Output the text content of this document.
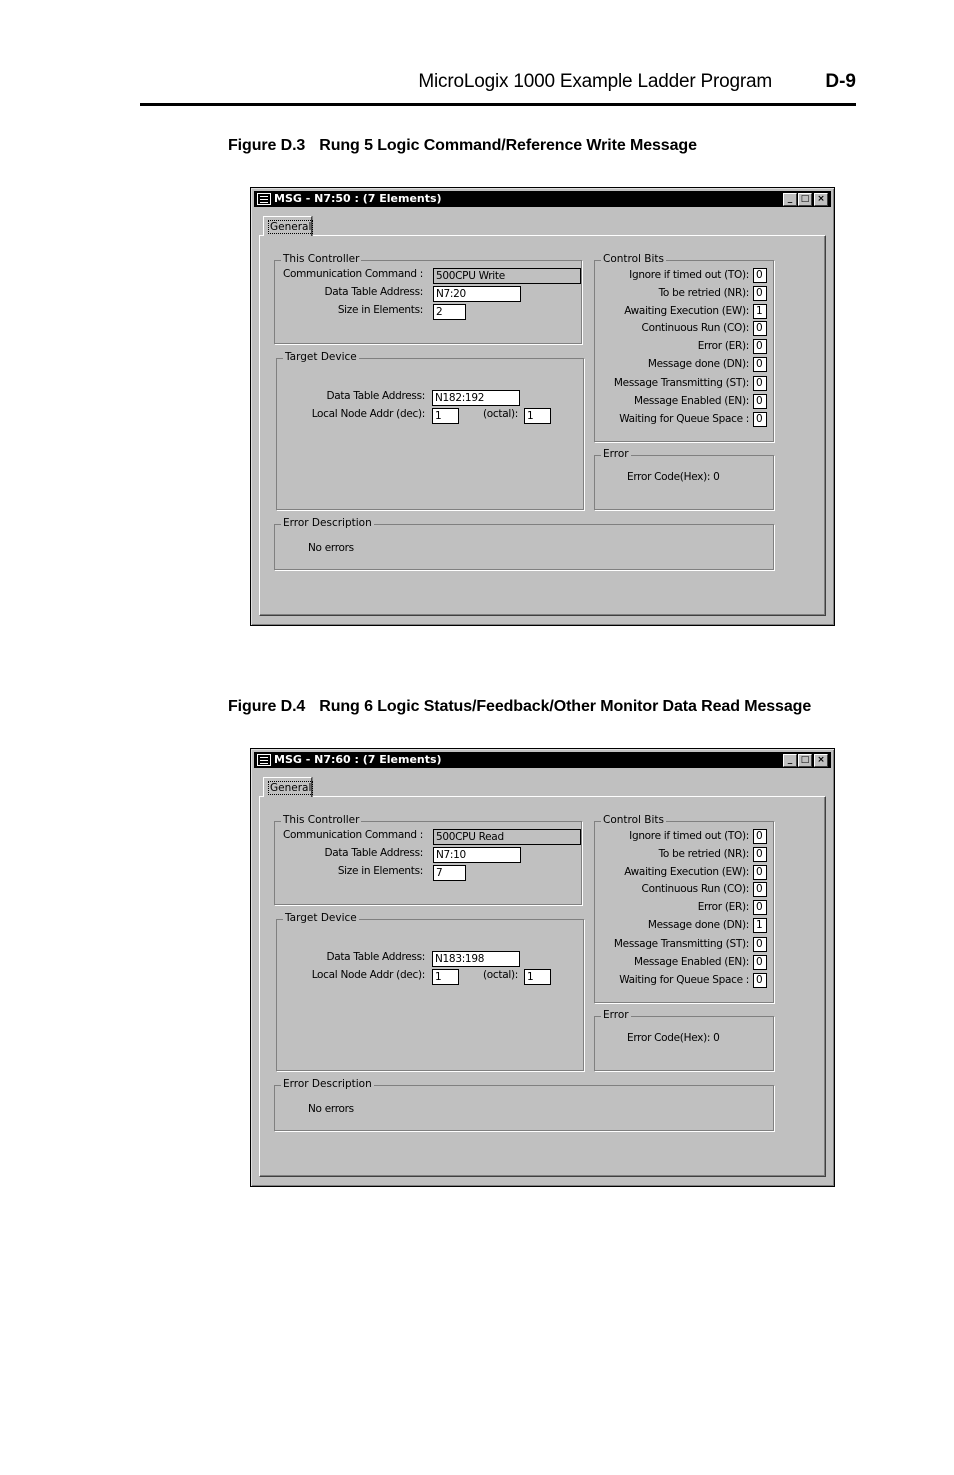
MicroLogix 1000 Example Ladder Program	D-9
Figure D.3 Rung 5 Logic Command/Reference Write Message
MSG - N7:50 : (7 Elements)	_ □ ×
General
This Controller
Communication Command : 500CPU Write
Data Table Address: N7:20
Size in Elements: 2
Target Device
Data Table Address: N182:192
Local Node Addr (dec): 1	(octal): 1
Control Bits
Ignore if timed out (TO): 0
To be retried (NR): 0
Awaiting Execution (EW): 1
Continuous Run (CO): 0
Error (ER): 0
Message done (DN): 0
Message Transmitting (ST): 0
Message Enabled (EN): 0
Waiting for Queue Space : 0
Error
Error Code(Hex): 0
Error Description
No errors
Figure D.4 Rung 6 Logic Status/Feedback/Other Monitor Data Read Message
MSG - N7:60 : (7 Elements)	_ □ ×
General
This Controller
Communication Command : 500CPU Read
Data Table Address: N7:10
Size in Elements: 7
Target Device
Data Table Address: N183:198
Local Node Addr (dec): 1	(octal): 1
Control Bits
Ignore if timed out (TO): 0
To be retried (NR): 0
Awaiting Execution (EW): 0
Continuous Run (CO): 0
Error (ER): 0
Message done (DN): 1
Message Transmitting (ST): 0
Message Enabled (EN): 0
Waiting for Queue Space : 0
Error
Error Code(Hex): 0
Error Description
No errors
